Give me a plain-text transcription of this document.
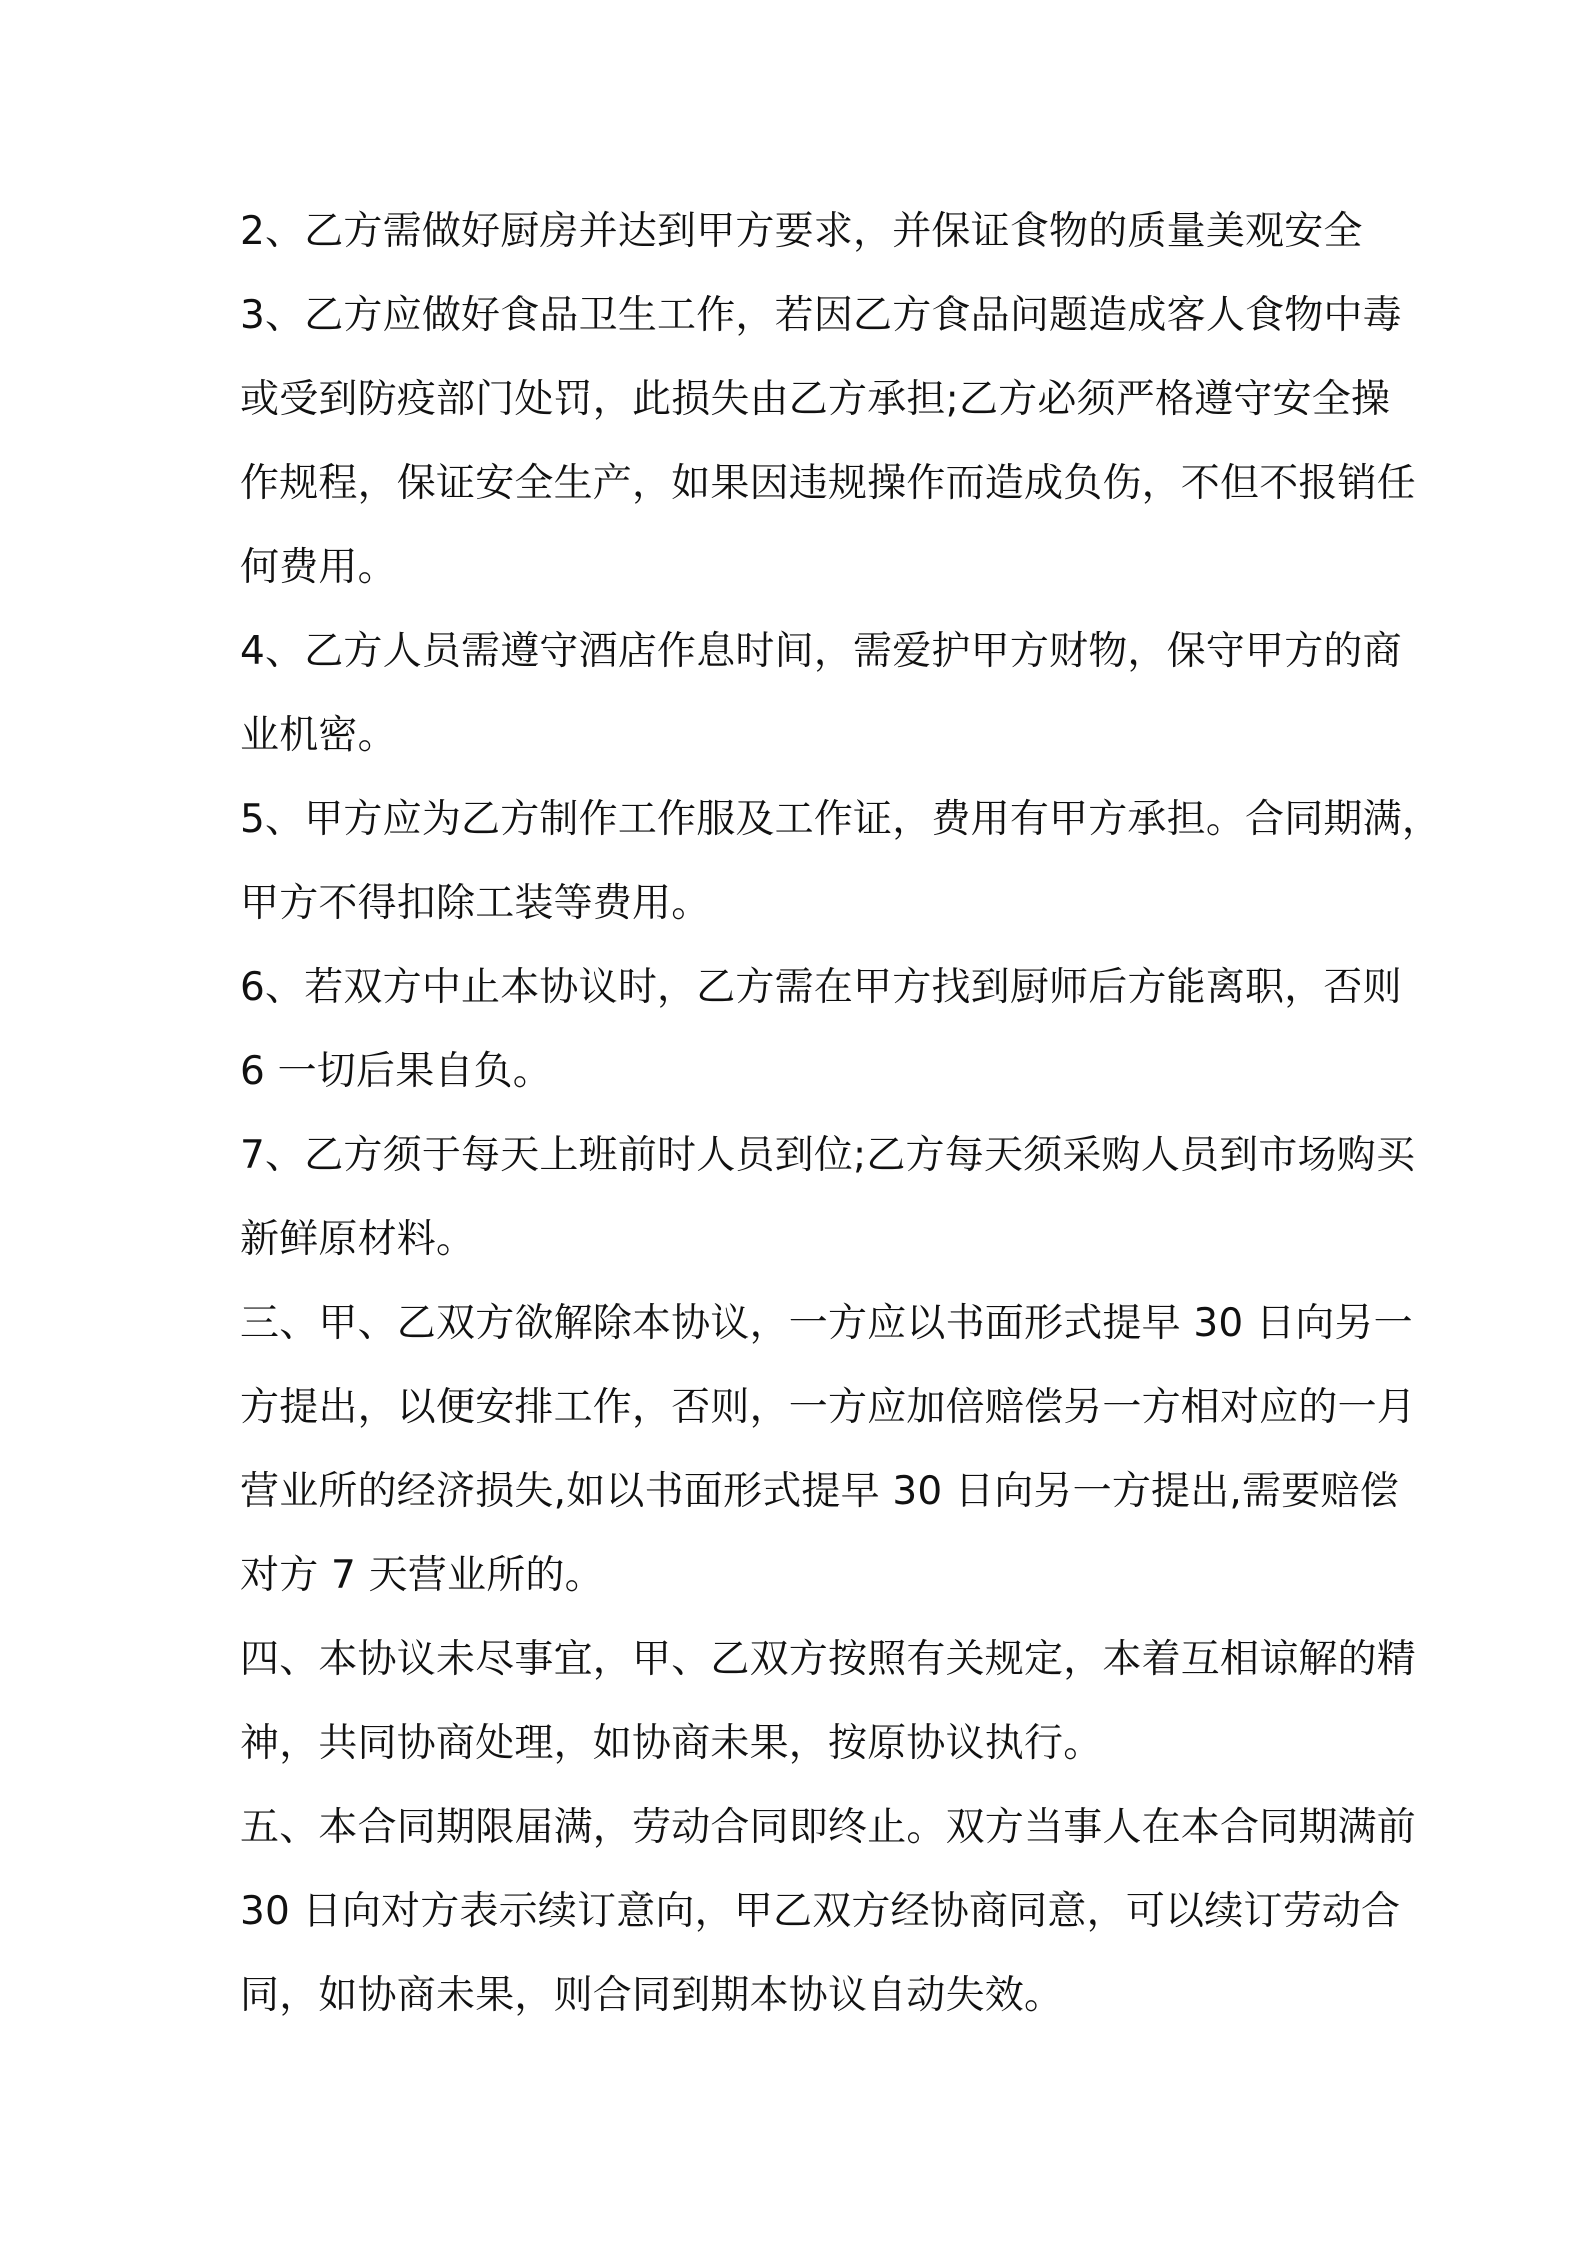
2、乙方需做好厨房并达到甲方要求，并保证食物的质量美观安全
3、乙方应做好食品卫生工作，若因乙方食品问题造成客人食物中毒
或受到防疫部门处罚，此损失由乙方承担;乙方必须严格遵守安全操
作规程，保证安全生产，如果因违规操作而造成负伤，不但不报销任
何费用。
4、乙方人员需遵守酒店作息时间，需爱护甲方财物，保守甲方的商
业机密。
5、甲方应为乙方制作工作服及工作证，费用有甲方承担。合同期满，
甲方不得扣除工装等费用。
6、若双方中止本协议时，乙方需在甲方找到厨师后方能离职，否则
6 一切后果自负。
7、乙方须于每天上班前时人员到位;乙方每天须采购人员到市场购买
新鲜原材料。
三、甲、乙双方欲解除本协议，一方应以书面形式提早 30 日向另一
方提出，以便安排工作，否则，一方应加倍赔偿另一方相对应的一月
营业所的经济损失,如以书面形式提早 30 日向另一方提出,需要赔偿
对方 7 天营业所的。
四、本协议未尽事宜，甲、乙双方按照有关规定，本着互相谅解的精
神，共同协商处理，如协商未果，按原协议执行。
五、本合同期限届满，劳动合同即终止。双方当事人在本合同期满前
30 日向对方表示续订意向，甲乙双方经协商同意，可以续订劳动合
同，如协商未果，则合同到期本协议自动失效。
